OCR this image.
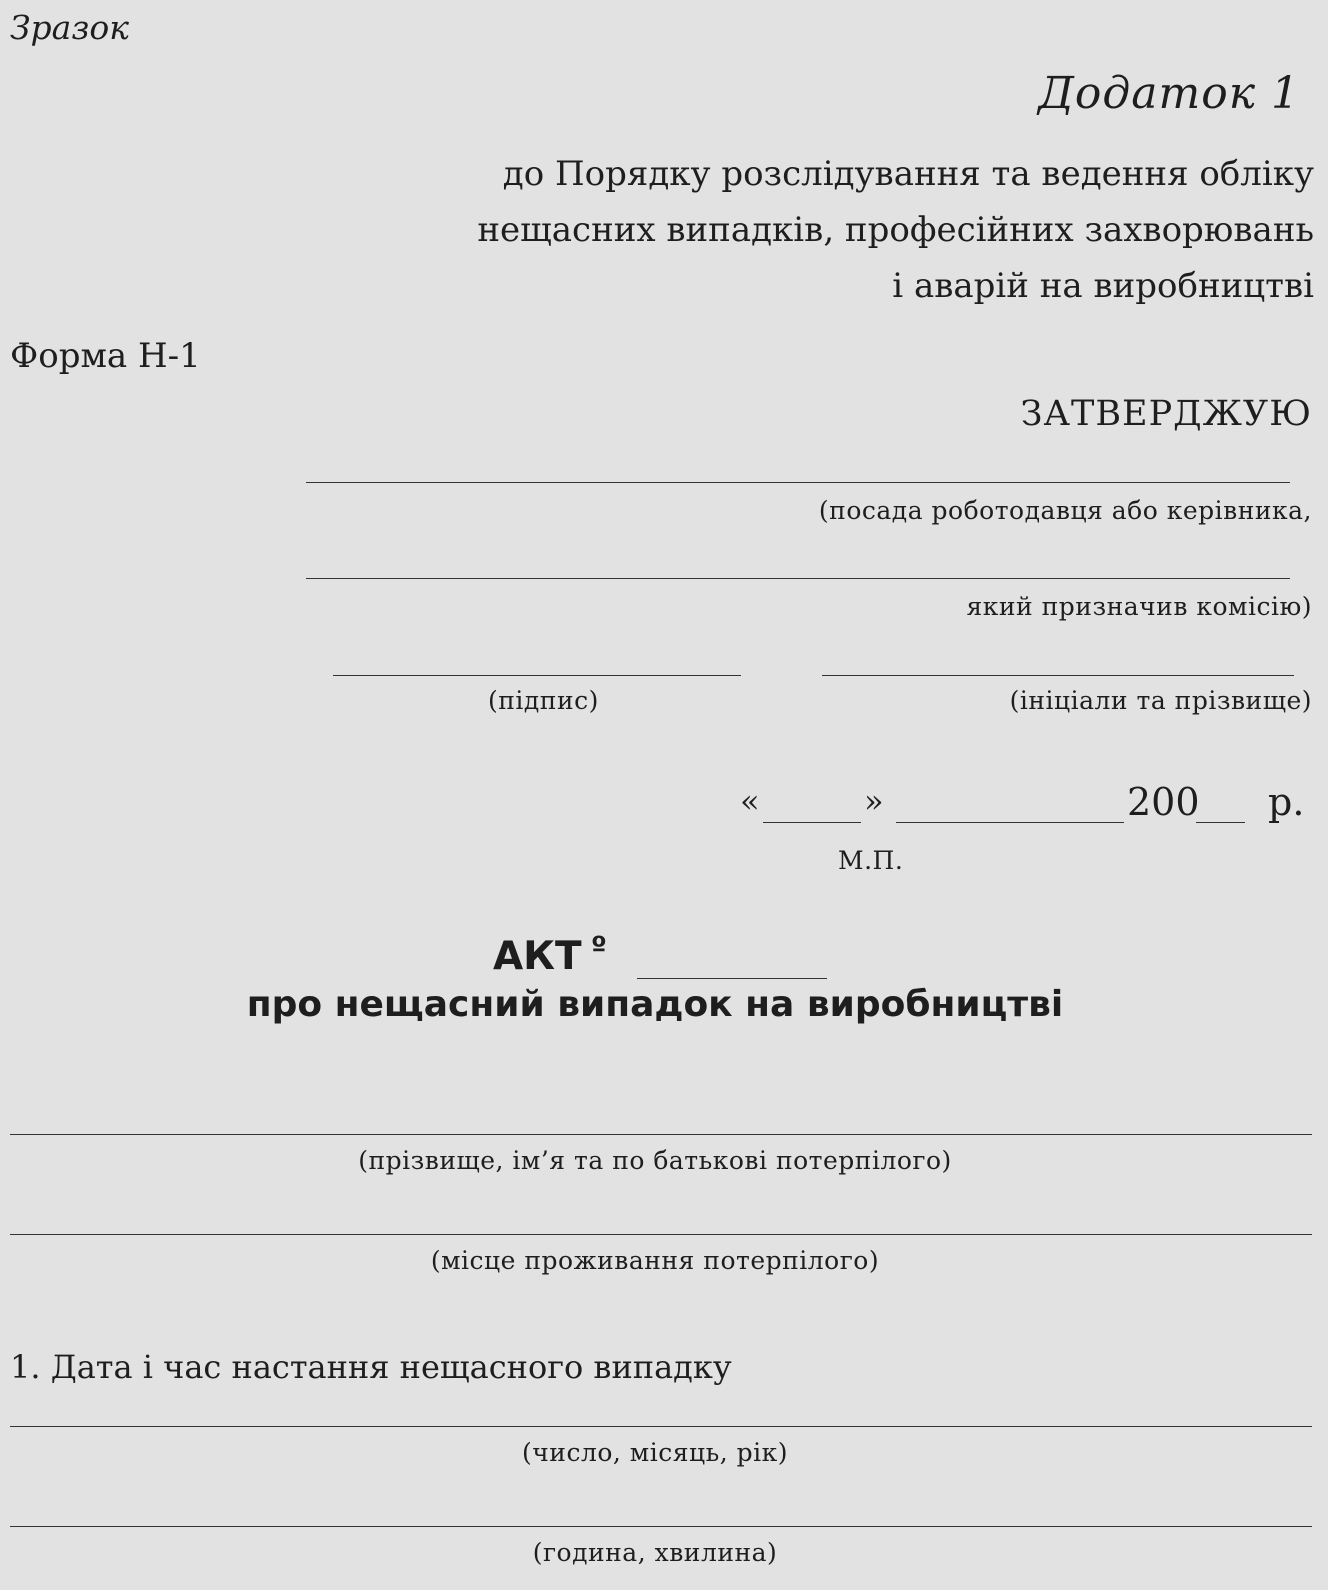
Зразок
Додаток 1
до Порядку розслідування та ведення обліку
нещасних випадків, професійних захворювань
і аварій на виробництві
Форма Н-1
ЗАТВЕРДЖУЮ
(посада роботодавця або керівника,
який призначив комісію)
(підпис)	(ініціали та прізвище)
«	»	200 р.
М.П.
АКТ º
про нещасний випадок на виробництві
(прізвище, ім’я та по батькові потерпілого)
(місце проживання потерпілого)
1. Дата і час настання нещасного випадку
(число, місяць, рік)
(година, хвилина)
